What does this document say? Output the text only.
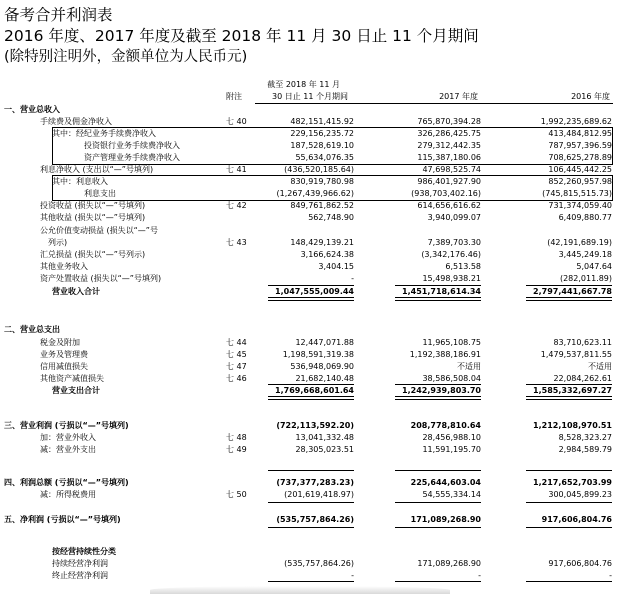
备考合并利润表
2016 年度、2017 年度及截至 2018 年 11 月 30 日止 11 个月期间
(除特别注明外，金额单位为人民币元)
附注
截至 2018 年 11 月
30 日止 11 个月期间	2017 年度	2016 年度
一、营业总收入
手续费及佣金净收入	七 40	482,151,415.92	765,870,394.28	1,992,235,689.62
其中：经纪业务手续费净收入	229,156,235.72	326,286,425.75	413,484,812.95
投资银行业务手续费净收入	187,528,619.10	279,312,442.35	787,957,396.59
资产管理业务手续费净收入	55,634,076.35	115,387,180.06	708,625,278.89
利息净收入 (支出以“—”号填列)	七 41	(436,520,185.64)	47,698,525.74	106,445,442.25
其中：利息收入	830,919,780.98	986,401,927.90	852,260,957.98
利息支出	(1,267,439,966.62)	(938,703,402.16)	(745,815,515.73)
投资收益 (损失以“—”号填列)	七 42	849,761,862.52	614,656,616.62	731,374,059.40
其他收益 (损失以“—”号填列)	562,748.90	3,940,099.07	6,409,880.77
公允价值变动损益 (损失以“—”号
列示)	七 43	148,429,139.21	7,389,703.30	(42,191,689.19)
汇兑损益 (损失以“—”号列示)	3,166,624.38	(3,342,176.46)	3,445,249.18
其他业务收入	3,404.15	6,513.58	5,047.64
资产处置收益 (损失以“—”号填列)	-	15,498,938.21	(282,011.89)
营业收入合计	1,047,555,009.44	1,451,718,614.34	2,797,441,667.78
二、营业总支出
税金及附加	七 44	12,447,071.88	11,965,108.75	83,710,623.11
业务及管理费	七 45	1,198,591,319.38	1,192,388,186.91	1,479,537,811.55
信用减值损失	七 47	536,948,069.90	不适用	不适用
其他资产减值损失	七 46	21,682,140.48	38,586,508.04	22,084,262.61
营业支出合计	1,769,668,601.64	1,242,939,803.70	1,585,332,697.27
三、营业利润 (亏损以“—”号填列)	(722,113,592.20)	208,778,810.64	1,212,108,970.51
加：营业外收入	七 48	13,041,332.48	28,456,988.10	8,528,323.27
减：营业外支出	七 49	28,305,023.51	11,591,195.70	2,984,589.79
四、利润总额 (亏损以“—”号填列)	(737,377,283.23)	225,644,603.04	1,217,652,703.99
减：所得税费用	七 50	(201,619,418.97)	54,555,334.14	300,045,899.23
五、净利润 (亏损以“—”号填列)	(535,757,864.26)	171,089,268.90	917,606,804.76
按经营持续性分类
持续经营净利润	(535,757,864.26)	171,089,268.90	917,606,804.76
终止经营净利润	-	-	-
